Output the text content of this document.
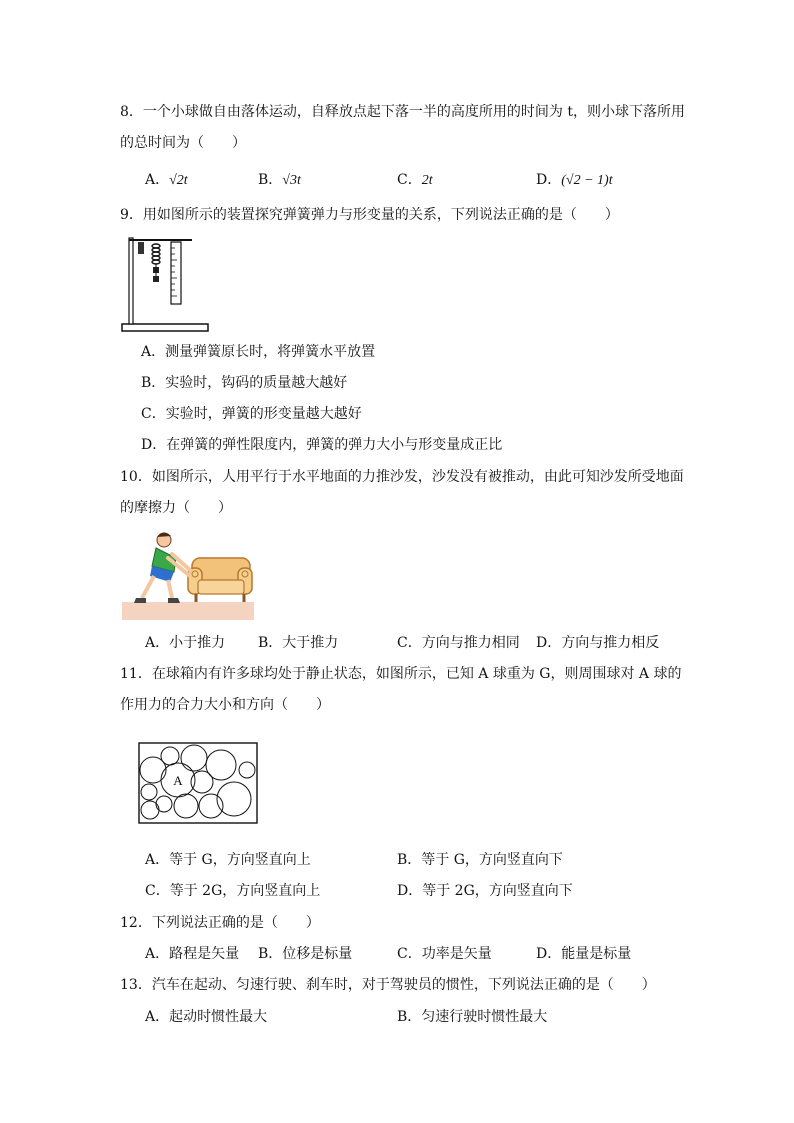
8．一个小球做自由落体运动，自释放点起下落一半的高度所用的时间为 t，则小球下落所用
的总时间为（　　）
A．√2t	B．√3t	C．2t	D．(√2 − 1)t
9．用如图所示的装置探究弹簧弹力与形变量的关系，下列说法正确的是（　　）
A．测量弹簧原长时，将弹簧水平放置
B．实验时，钩码的质量越大越好
C．实验时，弹簧的形变量越大越好
D．在弹簧的弹性限度内，弹簧的弹力大小与形变量成正比
10．如图所示，人用平行于水平地面的力推沙发，沙发没有被推动，由此可知沙发所受地面
的摩擦力（　　）
A．小于推力 B．大于推力	C．方向与推力相同 D．方向与推力相反
11．在球箱内有许多球均处于静止状态，如图所示，已知 A 球重为 G，则周围球对 A 球的
作用力的合力大小和方向（　　）
A
A．等于 G，方向竖直向上	B．等于 G，方向竖直向下
C．等于 2G，方向竖直向上	D．等于 2G，方向竖直向下
12．下列说法正确的是（　　）
A．路程是矢量 B．位移是标量	C．功率是矢量	D．能量是标量
13．汽车在起动、匀速行驶、刹车时，对于驾驶员的惯性，下列说法正确的是（　　）
A．起动时惯性最大	B．匀速行驶时惯性最大
